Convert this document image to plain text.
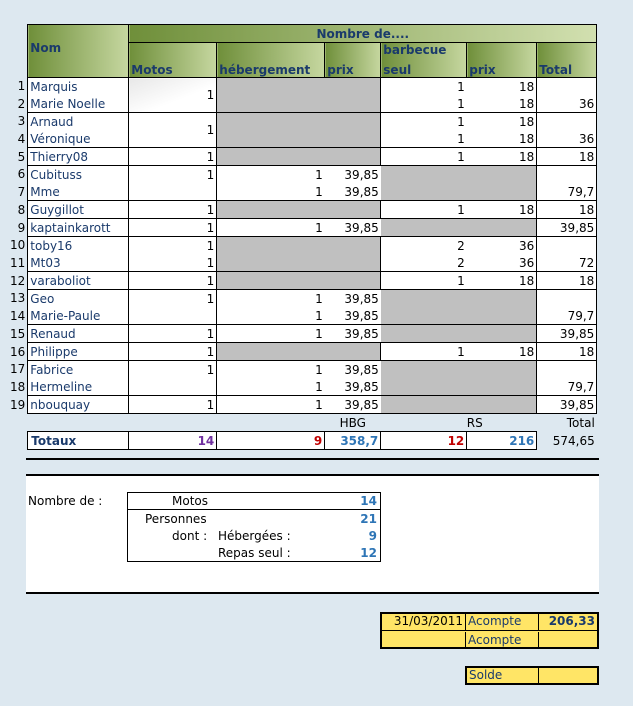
	Nom	Nombre de....					
		Motos	hébergement	prix	barbecue	prix	Total
					seul		
1	Marquis	1			1	18	
2	Marie Noelle				1	18	36
3	Arnaud	1			1	18	
4	Véronique				1	18	36
5	Thierry08	1			1	18	18
6	Cubituss	1	1	39,85			
7	Mme		1	39,85			79,7
8	Guygillot	1			1	18	18
9	kaptainkarott	1	1	39,85			39,85
10	toby16	1			2	36	
11	Mt03	1			2	36	72
12	varaboliot	1			1	18	18
13	Geo	1	1	39,85			
14	Marie-Paule		1	39,85			79,7
15	Renaud	1	1	39,85			39,85
16	Philippe	1			1	18	18
17	Fabrice	1	1	39,85			
18	Hermeline		1	39,85			79,7
19	nbouquay	1	1	39,85			39,85
				HBG		RS	Total
	Totaux	14	9	358,7	12	216	574,65
Nombre de :	Motos	14
Personnes	21
dont : Hébergées :	9
Repas seul :	12
31/03/2011 Acompte	206,33
Acompte
Solde
